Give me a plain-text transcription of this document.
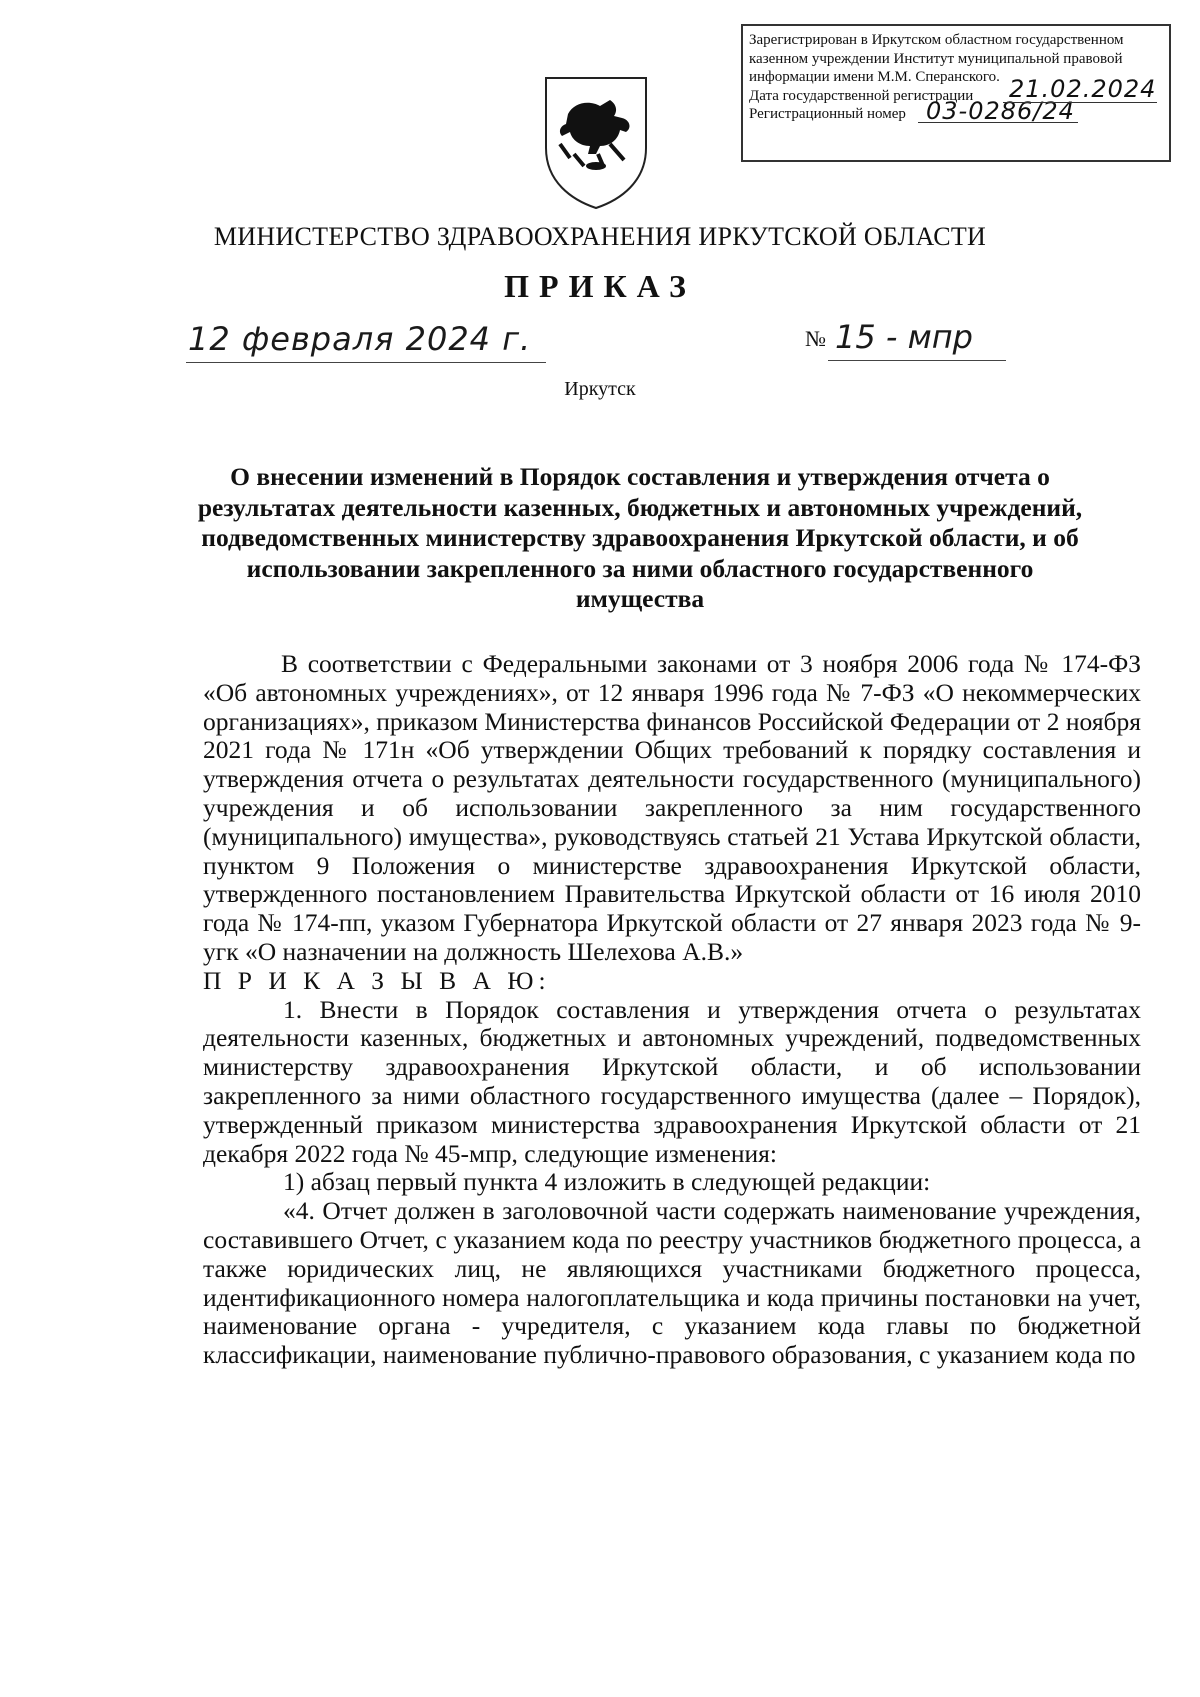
Зарегистрирован в Иркутском областном государственном
казенном учреждении Институт муниципальной правовой
информации имени М.М. Сперанского.
Дата государственной регистрации
Регистрационный номер
21.02.2024
03-0286/24
МИНИСТЕРСТВО ЗДРАВООХРАНЕНИЯ ИРКУТСКОЙ ОБЛАСТИ
ПРИКАЗ
12 февраля 2024 г.	№ 15 - мпр
Иркутск
О внесении изменений в Порядок составления и утверждения отчета о результатах деятельности казенных, бюджетных и автономных учреждений, подведомственных министерству здравоохранения Иркутской области, и об использовании закрепленного за ними областного государственного имущества

В соответствии с Федеральными законами от 3 ноября 2006 года № 174-ФЗ «Об автономных учреждениях», от 12 января 1996 года № 7-ФЗ «О некоммерческих организациях», приказом Министерства финансов Российской Федерации от 2 ноября 2021 года № 171н «Об утверждении Общих требований к порядку составления и утверждения отчета о результатах деятельности государственного (муниципального) учреждения и об использовании закрепленного за ним государственного (муниципального) имущества», руководствуясь статьей 21 Устава Иркутской области, пунктом 9 Положения о министерстве здравоохранения Иркутской области, утвержденного постановлением Правительства Иркутской области от 16 июля 2010 года № 174-пп, указом Губернатора Иркутской области от 27 января 2023 года № 9-угк «О назначении на должность Шелехова А.В.»

П Р И К А З Ы В А Ю:

1. Внести в Порядок составления и утверждения отчета о результатах деятельности казенных, бюджетных и автономных учреждений, подведомственных министерству здравоохранения Иркутской области, и об использовании закрепленного за ними областного государственного имущества (далее – Порядок), утвержденный приказом министерства здравоохранения Иркутской области от 21 декабря 2022 года № 45-мпр, следующие изменения:

1) абзац первый пункта 4 изложить в следующей редакции:

«4. Отчет должен в заголовочной части содержать наименование учреждения, составившего Отчет, с указанием кода по реестру участников бюджетного процесса, а также юридических лиц, не являющихся участниками бюджетного процесса, идентификационного номера налогоплательщика и кода причины постановки на учет, наименование органа - учредителя, с указанием кода главы по бюджетной классификации, наименование публично-правового образования, с указанием кода по
